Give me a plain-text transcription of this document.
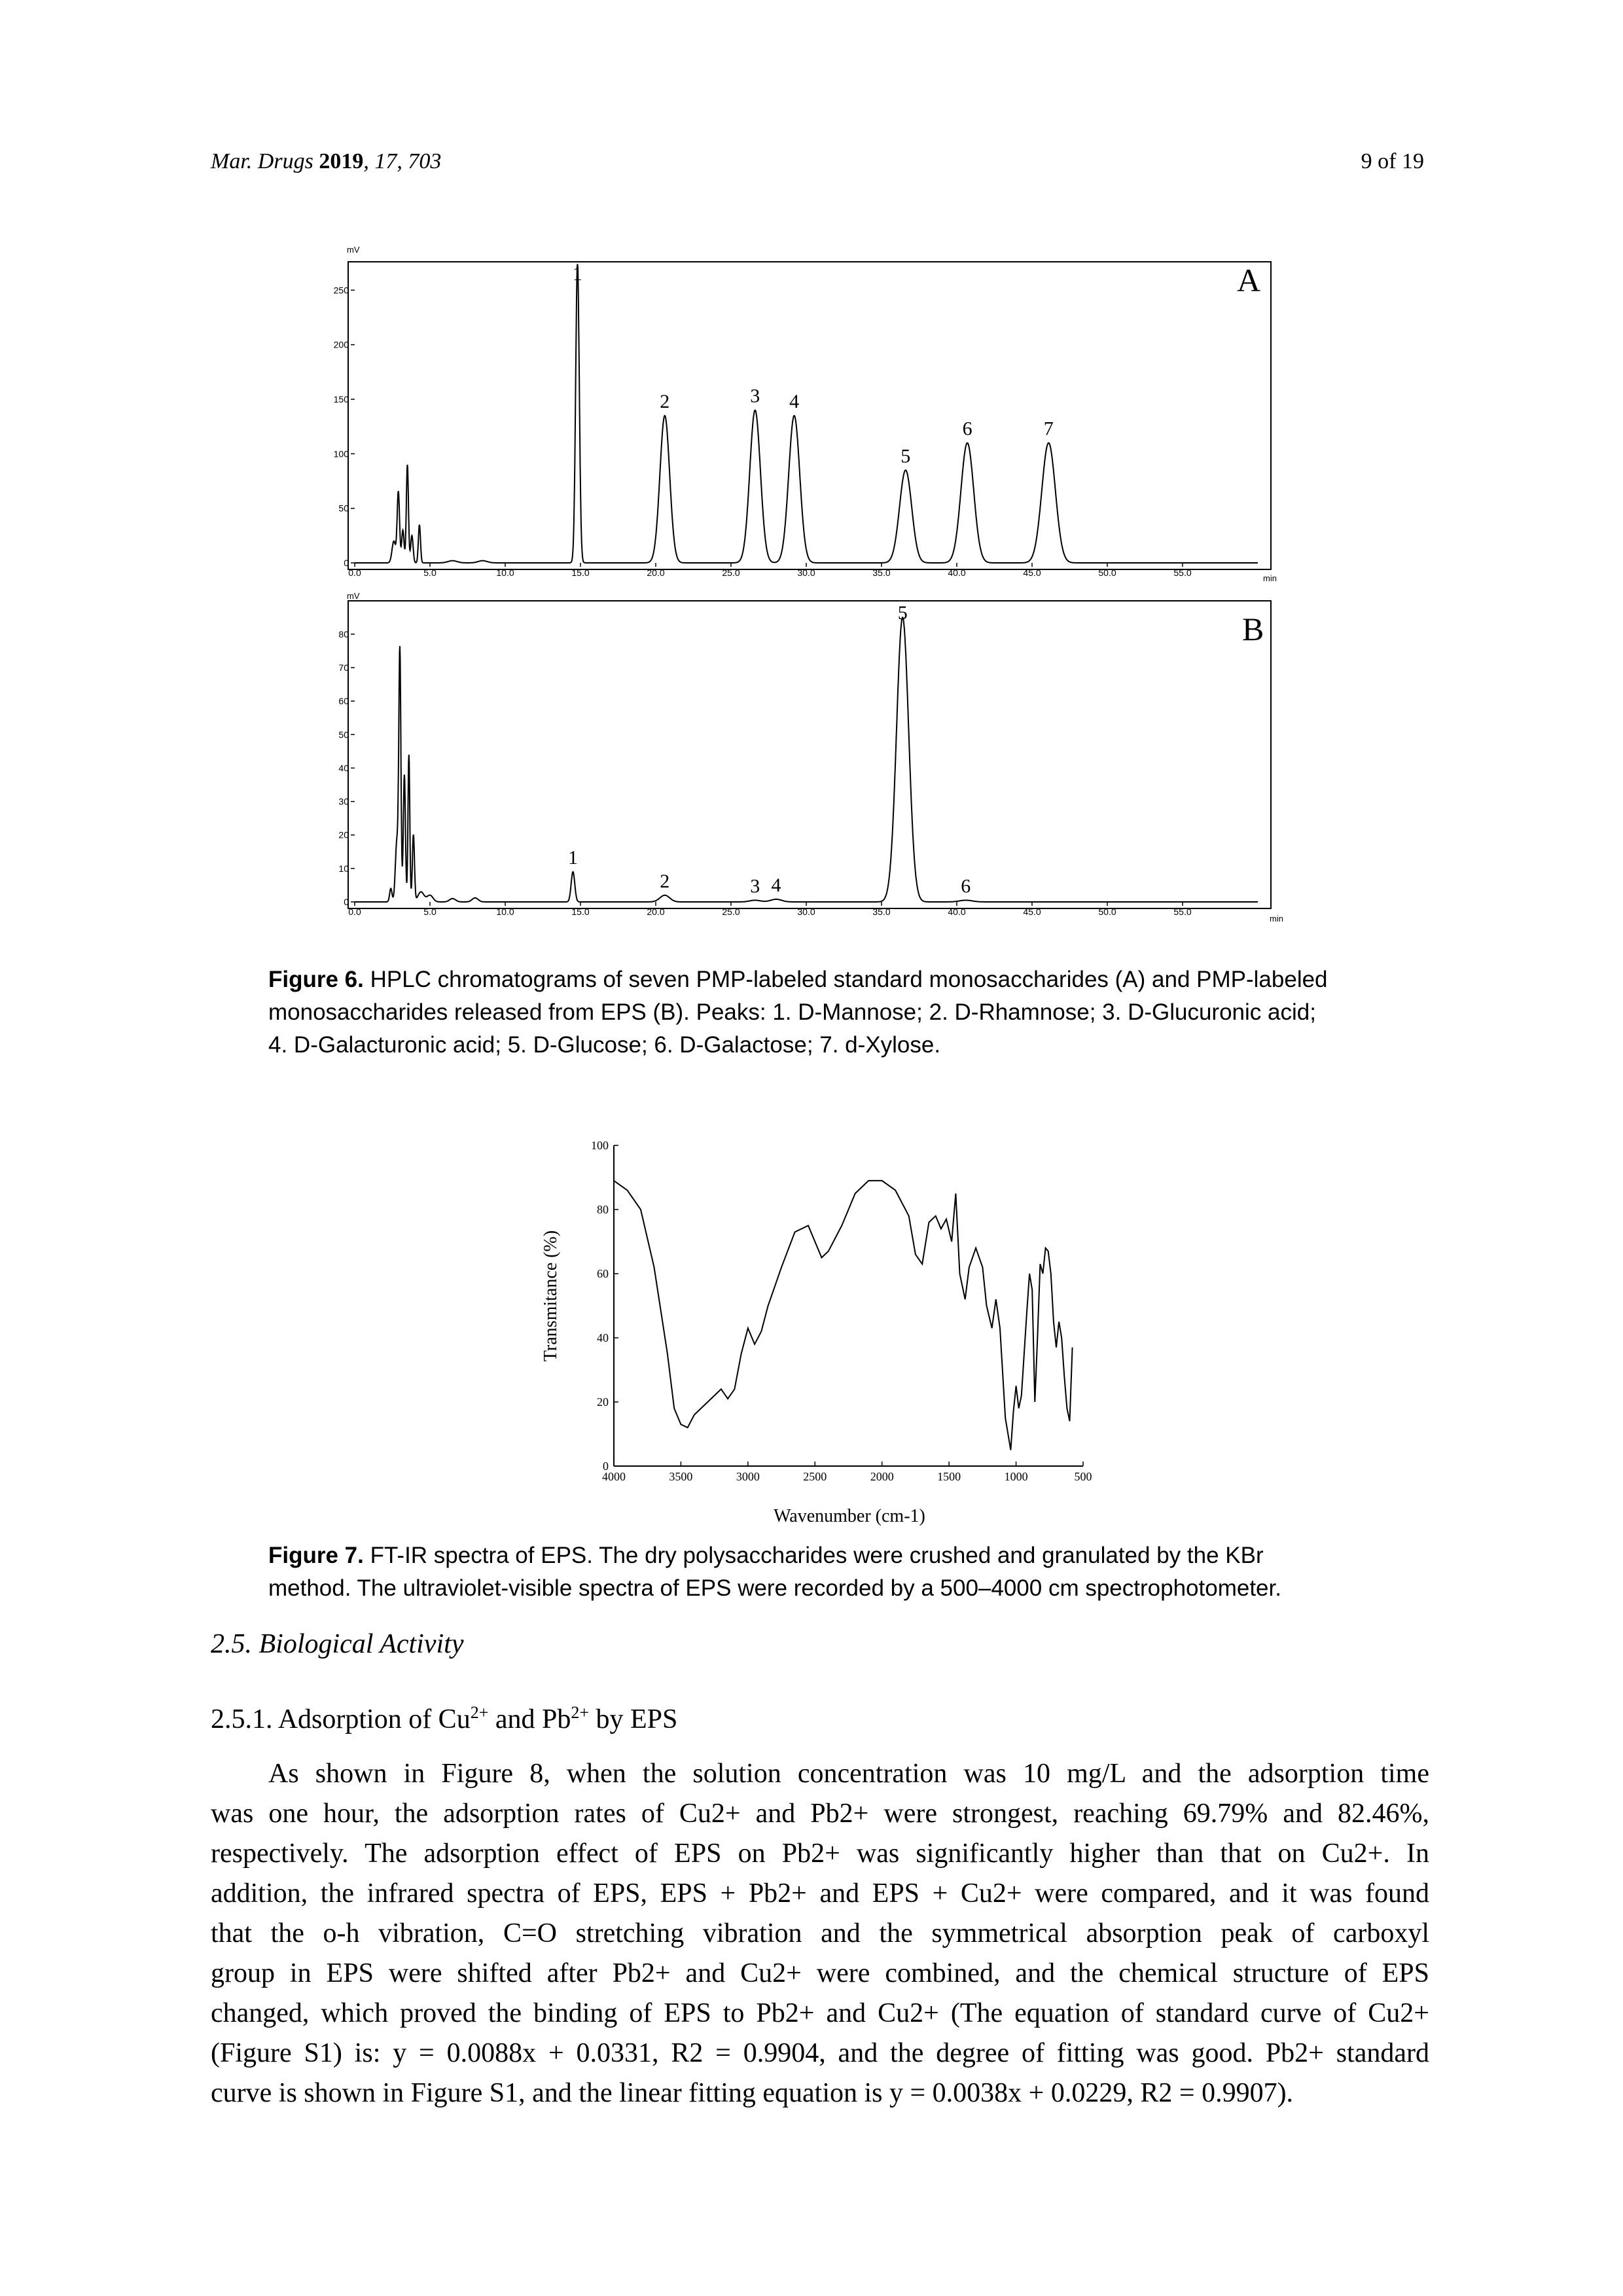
Mar. Drugs 2019, 17, 703	9 of 19
mV
A
0
50
100
150
200
250
0.0	5.0	10.0	15.0	20.0	25.0	30.0	35.0	40.0	45.0	50.0	55.0
1
2	3 4
5
6	7
min
mV
B
0
10
20
30
40
50
60
70
80
0.0	5.0	10.0	15.0	20.0	25.0	30.0	35.0	40.0	45.0	50.0	55.0
1
2	3 4
5
6
min
Figure 6. HPLC chromatograms of seven PMP-labeled standard monosaccharides (A) and PMP-labeled
monosaccharides released from EPS (B). Peaks: 1. D-Mannose; 2. D-Rhamnose; 3. D-Glucuronic acid;
4. D-Galacturonic acid; 5. D-Glucose; 6. D-Galactose; 7. d-Xylose.
0
20
40
60
80
100
4000	3500	3000	2500	2000	1500	1000	500
Transmitance (%)
Wavenumber (cm-1)
Figure 7. FT-IR spectra of EPS. The dry polysaccharides were crushed and granulated by the KBr
method. The ultraviolet-visible spectra of EPS were recorded by a 500–4000 cm spectrophotometer.
2.5. Biological Activity
2.5.1. Adsorption of $Cu^{2+}$ and $Pb^{2+}$ by EPS
As shown in Figure 8, when the solution concentration was 10 mg/L and the adsorption time
was one hour, the adsorption rates of Cu2+ and Pb2+ were strongest, reaching 69.79% and 82.46%,
respectively. The adsorption effect of EPS on Pb2+ was significantly higher than that on Cu2+. In
addition, the infrared spectra of EPS, EPS + Pb2+ and EPS + Cu2+ were compared, and it was found
that the o-h vibration, C=O stretching vibration and the symmetrical absorption peak of carboxyl
group in EPS were shifted after Pb2+ and Cu2+ were combined, and the chemical structure of EPS
changed, which proved the binding of EPS to Pb2+ and Cu2+ (The equation of standard curve of Cu2+
(Figure S1) is: y = 0.0088x + 0.0331, R2 = 0.9904, and the degree of fitting was good. Pb2+ standard
curve is shown in Figure S1, and the linear fitting equation is y = 0.0038x + 0.0229, R2 = 0.9907).
